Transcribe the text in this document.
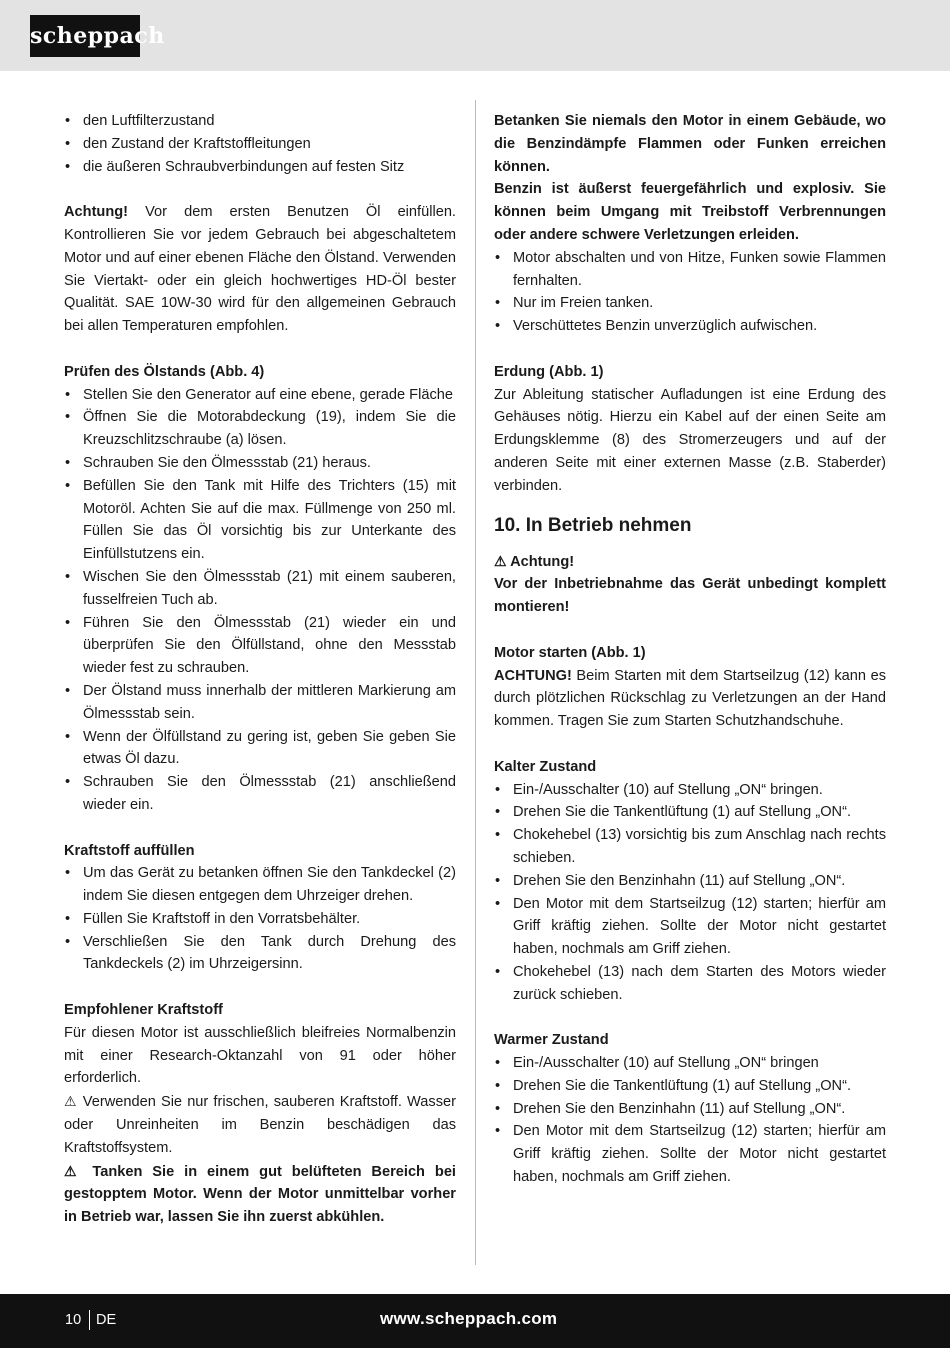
scheppach
• den Luftfilterzustand
• den Zustand der Kraftstoffleitungen
• die äußeren Schraubverbindungen auf festen Sitz

Achtung! Vor dem ersten Benutzen Öl einfüllen. Kontrollieren Sie vor jedem Gebrauch bei abgeschaltetem Motor und auf einer ebenen Fläche den Ölstand. Verwenden Sie Viertakt- oder ein gleich hochwertiges HD-Öl bester Qualität. SAE 10W-30 wird für den allgemeinen Gebrauch bei allen Temperaturen empfohlen.

Prüfen des Ölstands (Abb. 4)

• Stellen Sie den Generator auf eine ebene, gerade Fläche
• Öffnen Sie die Motorabdeckung (19), indem Sie die Kreuzschlitzschraube (a) lösen.
• Schrauben Sie den Ölmessstab (21) heraus.
• Befüllen Sie den Tank mit Hilfe des Trichters (15) mit Motoröl. Achten Sie auf die max. Füllmenge von 250 ml. Füllen Sie das Öl vorsichtig bis zur Unterkante des Einfüllstutzens ein.
• Wischen Sie den Ölmessstab (21) mit einem sauberen, fusselfreien Tuch ab.
• Führen Sie den Ölmessstab (21) wieder ein und überprüfen Sie den Ölfüllstand, ohne den Messstab wieder fest zu schrauben.
• Der Ölstand muss innerhalb der mittleren Markierung am Ölmessstab sein.
• Wenn der Ölfüllstand zu gering ist, geben Sie geben Sie etwas Öl dazu.
• Schrauben Sie den Ölmessstab (21) anschließend wieder ein.

Kraftstoff auffüllen

• Um das Gerät zu betanken öffnen Sie den Tankdeckel (2) indem Sie diesen entgegen dem Uhrzeiger drehen.
• Füllen Sie Kraftstoff in den Vorratsbehälter.
• Verschließen Sie den Tank durch Drehung des Tankdeckels (2) im Uhrzeigersinn.

Empfohlener Kraftstoff

Für diesen Motor ist ausschließlich bleifreies Normalbenzin mit einer Research-Oktanzahl von 91 oder höher erforderlich.

⚠ Verwenden Sie nur frischen, sauberen Kraftstoff. Wasser oder Unreinheiten im Benzin beschädigen das Kraftstoffsystem.

⚠ Tanken Sie in einem gut belüfteten Bereich bei gestopptem Motor. Wenn der Motor unmittelbar vorher in Betrieb war, lassen Sie ihn zuerst abkühlen.

Betanken Sie niemals den Motor in einem Gebäude, wo die Benzindämpfe Flammen oder Funken erreichen können.

Benzin ist äußerst feuergefährlich und explosiv. Sie können beim Umgang mit Treibstoff Verbrennungen oder andere schwere Verletzungen erleiden.

• Motor abschalten und von Hitze, Funken sowie Flammen fernhalten.
• Nur im Freien tanken.
• Verschüttetes Benzin unverzüglich aufwischen.

Erdung (Abb. 1)

Zur Ableitung statischer Aufladungen ist eine Erdung des Gehäuses nötig. Hierzu ein Kabel auf der einen Seite am Erdungsklemme (8) des Stromerzeugers und auf der anderen Seite mit einer externen Masse (z.B. Staberder) verbinden.

10. In Betrieb nehmen

⚠ Achtung!

Vor der Inbetriebnahme das Gerät unbedingt komplett montieren!

Motor starten (Abb. 1)

ACHTUNG! Beim Starten mit dem Startseilzug (12) kann es durch plötzlichen Rückschlag zu Verletzungen an der Hand kommen. Tragen Sie zum Starten Schutzhandschuhe.

Kalter Zustand

• Ein-/Ausschalter (10) auf Stellung „ON“ bringen.
• Drehen Sie die Tankentlüftung (1) auf Stellung „ON“.
• Chokehebel (13) vorsichtig bis zum Anschlag nach rechts schieben.
• Drehen Sie den Benzinhahn (11) auf Stellung „ON“.
• Den Motor mit dem Startseilzug (12) starten; hierfür am Griff kräftig ziehen. Sollte der Motor nicht gestartet haben, nochmals am Griff ziehen.
• Chokehebel (13) nach dem Starten des Motors wieder zurück schieben.

Warmer Zustand

• Ein-/Ausschalter (10) auf Stellung „ON“ bringen
• Drehen Sie die Tankentlüftung (1) auf Stellung „ON“.
• Drehen Sie den Benzinhahn (11) auf Stellung „ON“.
• Den Motor mit dem Startseilzug (12) starten; hierfür am Griff kräftig ziehen. Sollte der Motor nicht gestartet haben, nochmals am Griff ziehen.
10 DE	www.scheppach.com
